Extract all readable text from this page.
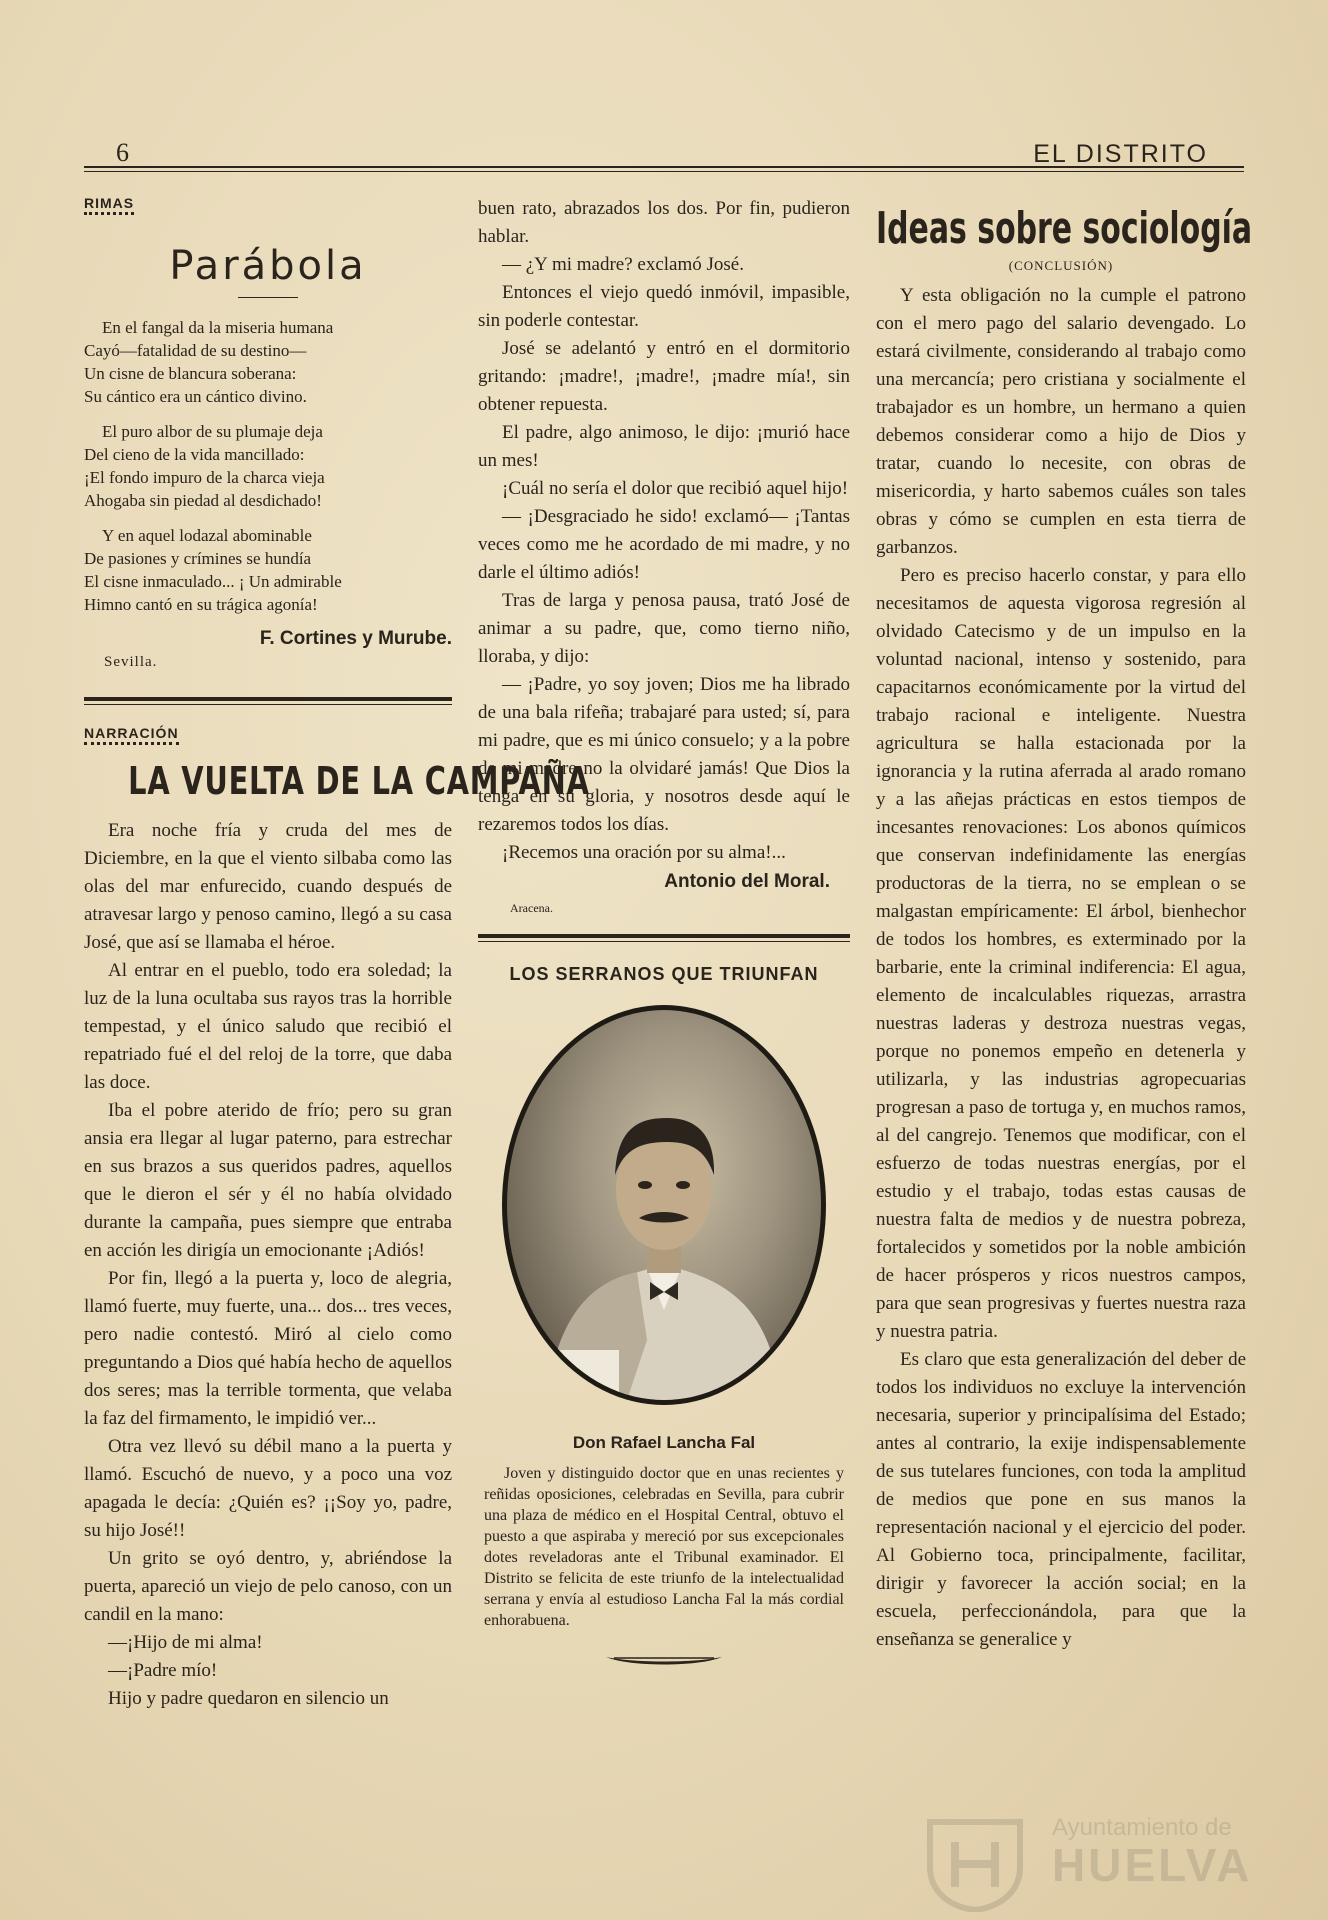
6	EL DISTRITO
RIMAS
Parábola

En el fangal da la miseria humana

Cayó—fatalidad de su destino—

Un cisne de blancura soberana:

Su cántico era un cántico divino.

El puro albor de su plumaje deja

Del cieno de la vida mancillado:

¡El fondo impuro de la charca vieja

Ahogaba sin piedad al desdichado!

Y en aquel lodazal abominable

De pasiones y crímines se hundía

El cisne inmaculado... ¡ Un admirable

Himno cantó en su trágica agonía!

F. Cortines y Murube.
Sevilla.
NARRACIÓN
LA VUELTA DE LA CAMPAÑA

Era noche fría y cruda del mes de Diciembre, en la que el viento silbaba como las olas del mar enfurecido, cuando después de atravesar largo y penoso camino, llegó a su casa José, que así se llamaba el héroe.

Al entrar en el pueblo, todo era soledad; la luz de la luna ocultaba sus rayos tras la horrible tempestad, y el único saludo que recibió el repatriado fué el del reloj de la torre, que daba las doce.

Iba el pobre aterido de frío; pero su gran ansia era llegar al lugar paterno, para estrechar en sus brazos a sus queridos padres, aquellos que le dieron el sér y él no había olvidado durante la campaña, pues siempre que entraba en acción les dirigía un emocionante ¡Adiós!

Por fin, llegó a la puerta y, loco de alegria, llamó fuerte, muy fuerte, una... dos... tres veces, pero nadie contestó. Miró al cielo como preguntando a Dios qué había hecho de aquellos dos seres; mas la terrible tormenta, que velaba la faz del firmamento, le impidió ver...

Otra vez llevó su débil mano a la puerta y llamó. Escuchó de nuevo, y a poco una voz apagada le decía: ¿Quién es? ¡¡Soy yo, padre, su hijo José!!

Un grito se oyó dentro, y, abriéndose la puerta, apareció un viejo de pelo canoso, con un candil en la mano:

—¡Hijo de mi alma!

—¡Padre mío!

Hijo y padre quedaron en silencio un

buen rato, abrazados los dos. Por fin, pudieron hablar.

— ¿Y mi madre? exclamó José.

Entonces el viejo quedó inmóvil, impasible, sin poderle contestar.

José se adelantó y entró en el dormitorio gritando: ¡madre!, ¡madre!, ¡madre mía!, sin obtener repuesta.

El padre, algo animoso, le dijo: ¡murió hace un mes!

¡Cuál no sería el dolor que recibió aquel hijo!

— ¡Desgraciado he sido! exclamó— ¡Tantas veces como me he acordado de mi madre, y no darle el último adiós!

Tras de larga y penosa pausa, trató José de animar a su padre, que, como tierno niño, lloraba, y dijo:

— ¡Padre, yo soy joven; Dios me ha librado de una bala rifeña; trabajaré para usted; sí, para mi padre, que es mi único consuelo; y a la pobre de mi madre no la olvidaré jamás! Que Dios la tenga en su gloria, y nosotros desde aquí le rezaremos todos los días.

¡Recemos una oración por su alma!...

Antonio del Moral.
Aracena.
LOS SERRANOS QUE TRIUNFAN
Don Rafael Lancha Fal

Joven y distinguido doctor que en unas recientes y reñidas oposiciones, celebradas en Sevilla, para cubrir una plaza de médico en el Hospital Central, obtuvo el puesto a que aspiraba y mereció por sus excepcionales dotes reveladoras ante el Tribunal examinador. El Distrito se felicita de este triunfo de la intelectualidad serrana y envía al estudioso Lancha Fal la más cordial enhorabuena.

Ideas sobre sociología
(CONCLUSIÓN)

Y esta obligación no la cumple el patrono con el mero pago del salario devengado. Lo estará civilmente, considerando al trabajo como una mercancía; pero cristiana y socialmente el trabajador es un hombre, un hermano a quien debemos considerar como a hijo de Dios y tratar, cuando lo necesite, con obras de misericordia, y harto sabemos cuáles son tales obras y cómo se cumplen en esta tierra de garbanzos.

Pero es preciso hacerlo constar, y para ello necesitamos de aquesta vigorosa regresión al olvidado Catecismo y de un impulso en la voluntad nacional, intenso y sostenido, para capacitarnos económicamente por la virtud del trabajo racional e inteligente. Nuestra agricultura se halla estacionada por la ignorancia y la rutina aferrada al arado romano y a las añejas prácticas en estos tiempos de incesantes renovaciones: Los abonos químicos que conservan indefinidamente las energías productoras de la tierra, no se emplean o se malgastan empíricamente: El árbol, bienhechor de todos los hombres, es exterminado por la barbarie, ente la criminal indiferencia: El agua, elemento de incalculables riquezas, arrastra nuestras laderas y destroza nuestras vegas, porque no ponemos empeño en detenerla y utilizarla, y las industrias agropecuarias progresan a paso de tortuga y, en muchos ramos, al del cangrejo. Tenemos que modificar, con el esfuerzo de todas nuestras energías, por el estudio y el trabajo, todas estas causas de nuestra falta de medios y de nuestra pobreza, fortalecidos y sometidos por la noble ambición de hacer prósperos y ricos nuestros campos, para que sean progresivas y fuertes nuestra raza y nuestra patria.

Es claro que esta generalización del deber de todos los individuos no excluye la intervención necesaria, superior y principalísima del Estado; antes al contrario, la exije indispensablemente de sus tutelares funciones, con toda la amplitud de medios que pone en sus manos la representación nacional y el ejercicio del poder. Al Gobierno toca, principalmente, facilitar, dirigir y favorecer la acción social; en la escuela, perfeccionándola, para que la enseñanza se generalice y

Ayuntamiento de
HUELVA
